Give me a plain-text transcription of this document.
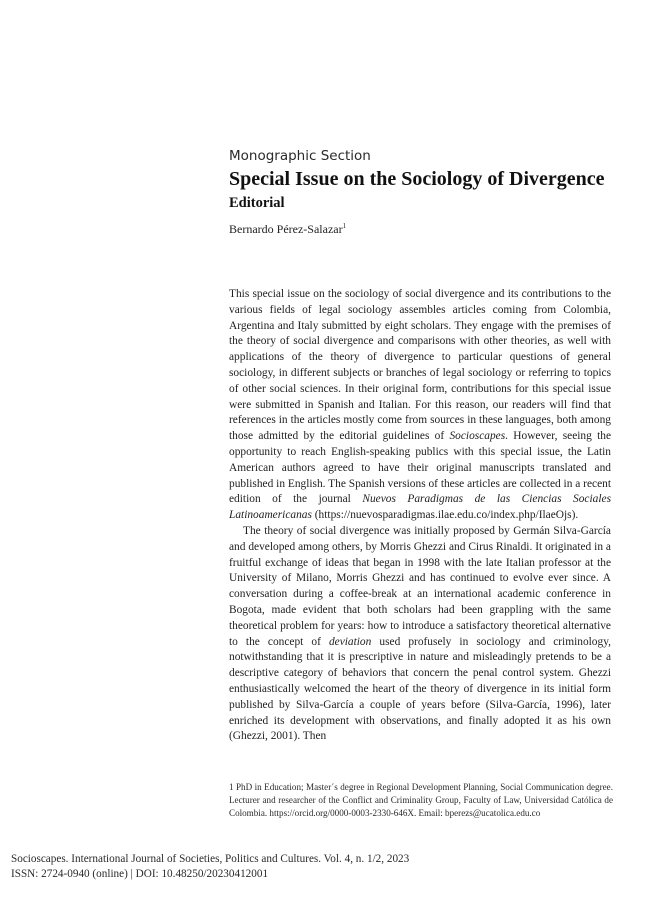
Monographic Section
Special Issue on the Sociology of Divergence
Editorial
Bernardo Pérez-Salazar$^1$

This special issue on the sociology of social divergence and its contributions to the various fields of legal sociology assembles articles coming from Colombia, Argentina and Italy submitted by eight scholars. They engage with the premises of the theory of social divergence and comparisons with other theories, as well with applications of the theory of divergence to particular questions of general sociology, in different subjects or branches of legal sociology or referring to topics of other social sciences. In their original form, contributions for this special issue were submitted in Spanish and Italian. For this reason, our readers will find that references in the articles mostly come from sources in these languages, both among those admitted by the editorial guidelines of Socioscapes. However, seeing the opportunity to reach English-speaking publics with this special issue, the Latin American authors agreed to have their original manuscripts translated and published in English. The Spanish versions of these articles are collected in a recent edition of the journal Nuevos Paradigmas de las Ciencias Sociales Latinoamericanas (https://nuevosparadigmas.ilae.edu.co/index.php/IlaeOjs).

The theory of social divergence was initially proposed by Germán Silva-García and developed among others, by Morris Ghezzi and Cirus Rinaldi. It originated in a fruitful exchange of ideas that began in 1998 with the late Italian professor at the University of Milano, Morris Ghezzi and has continued to evolve ever since. A conversation during a coffee-break at an international academic conference in Bogota, made evident that both scholars had been grappling with the same theoretical problem for years: how to introduce a satisfactory theoretical alternative to the concept of deviation used profusely in sociology and criminology, notwithstanding that it is prescriptive in nature and misleadingly pretends to be a descriptive category of behaviors that concern the penal control system. Ghezzi enthusiastically welcomed the heart of the theory of divergence in its initial form published by Silva-García a couple of years before (Silva-García, 1996), later enriched its development with observations, and finally adopted it as his own (Ghezzi, 2001). Then

1 PhD in Education; Master´s degree in Regional Development Planning, Social Communication degree. Lecturer and researcher of the Conflict and Criminality Group, Faculty of Law, Universidad Católica de Colombia. https://orcid.org/0000-0003-2330-646X. Email: bperezs@ucatolica.edu.co
Socioscapes. International Journal of Societies, Politics and Cultures. Vol. 4, n. 1/2, 2023
ISSN: 2724-0940 (online) | DOI: 10.48250/20230412001
